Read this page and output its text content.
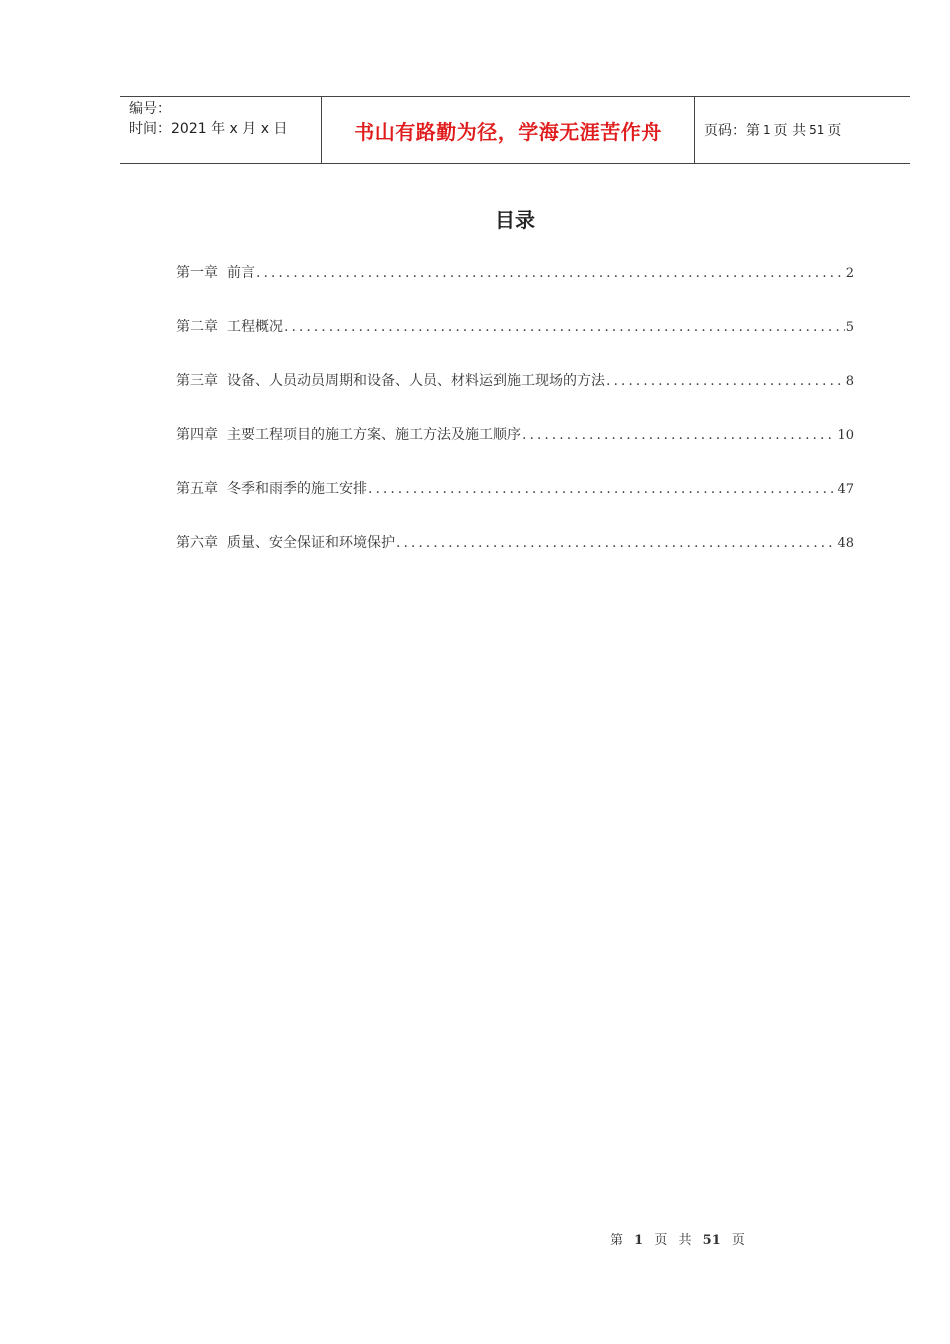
编号：
时间：2021 年 x 月 x 日	书山有路勤为径，学海无涯苦作舟	页码：第 1 页 共 51 页
目录
第一章 前言 .....	2
第二章 工程概况 .....	5
第三章 设备、人员动员周期和设备、人员、材料运到施工现场的方法 .....	8
第四章 主要工程项目的施工方案、施工方法及施工顺序 .....	10
第五章 冬季和雨季的施工安排 .....	47
第六章 质量、安全保证和环境保护 .....	48
第 1 页 共 51 页
